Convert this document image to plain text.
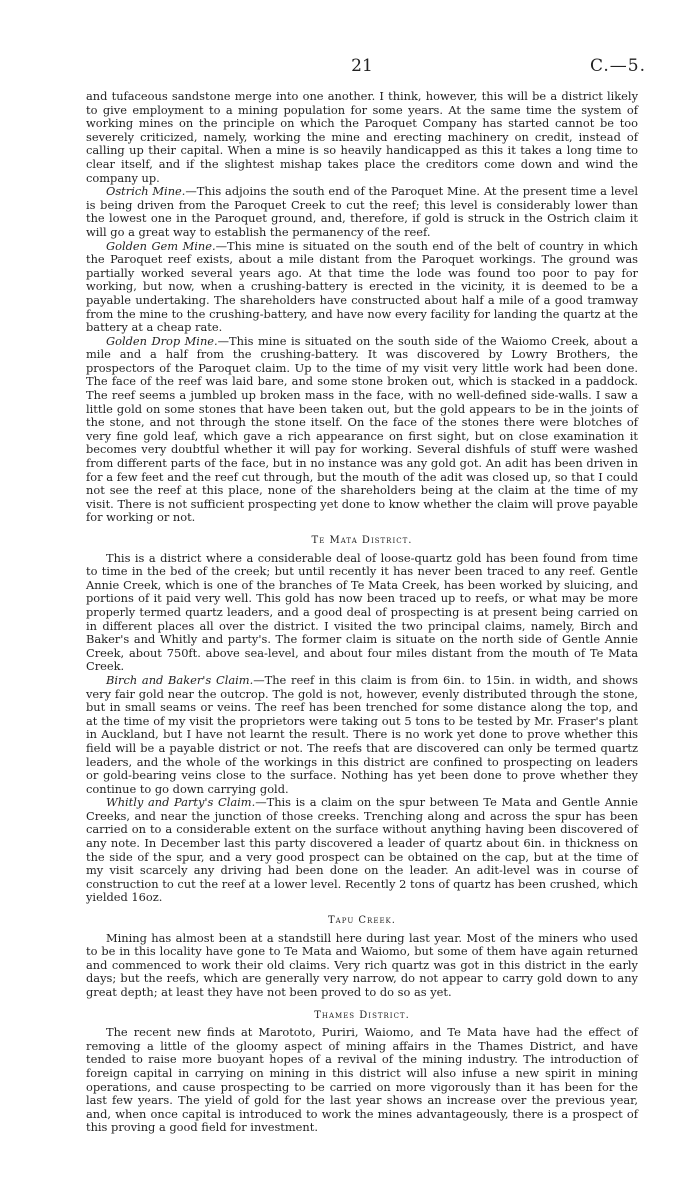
21	C.—5.

and tufaceous sandstone merge into one another. I think, however, this will be a district likely to give employment to a mining population for some years. At the same time the system of working mines on the principle on which the Paroquet Company has started cannot be too severely criticized, namely, working the mine and erecting machinery on credit, instead of calling up their capital. When a mine is so heavily handicapped as this it takes a long time to clear itself, and if the slightest mishap takes place the creditors come down and wind the company up.

Ostrich Mine.—This adjoins the south end of the Paroquet Mine. At the present time a level is being driven from the Paroquet Creek to cut the reef; this level is considerably lower than the lowest one in the Paroquet ground, and, therefore, if gold is struck in the Ostrich claim it will go a great way to establish the permanency of the reef.

Golden Gem Mine.—This mine is situated on the south end of the belt of country in which the Paroquet reef exists, about a mile distant from the Paroquet workings. The ground was partially worked several years ago. At that time the lode was found too poor to pay for working, but now, when a crushing-battery is erected in the vicinity, it is deemed to be a payable undertaking. The shareholders have constructed about half a mile of a good tramway from the mine to the crushing-battery, and have now every facility for landing the quartz at the battery at a cheap rate.

Golden Drop Mine.—This mine is situated on the south side of the Waiomo Creek, about a mile and a half from the crushing-battery. It was discovered by Lowry Brothers, the prospectors of the Paroquet claim. Up to the time of my visit very little work had been done. The face of the reef was laid bare, and some stone broken out, which is stacked in a paddock. The reef seems a jumbled up broken mass in the face, with no well-defined side-walls. I saw a little gold on some stones that have been taken out, but the gold appears to be in the joints of the stone, and not through the stone itself. On the face of the stones there were blotches of very fine gold leaf, which gave a rich appearance on first sight, but on close examination it becomes very doubtful whether it will pay for working. Several dishfuls of stuff were washed from different parts of the face, but in no instance was any gold got. An adit has been driven in for a few feet and the reef cut through, but the mouth of the adit was closed up, so that I could not see the reef at this place, none of the shareholders being at the claim at the time of my visit. There is not sufficient prospecting yet done to know whether the claim will prove payable for working or not.

Te Mata District.

This is a district where a considerable deal of loose-quartz gold has been found from time to time in the bed of the creek; but until recently it has never been traced to any reef. Gentle Annie Creek, which is one of the branches of Te Mata Creek, has been worked by sluicing, and portions of it paid very well. This gold has now been traced up to reefs, or what may be more properly termed quartz leaders, and a good deal of prospecting is at present being carried on in different places all over the district. I visited the two principal claims, namely, Birch and Baker's and Whitly and party's. The former claim is situate on the north side of Gentle Annie Creek, about 750ft. above sea-level, and about four miles distant from the mouth of Te Mata Creek.

Birch and Baker's Claim.—The reef in this claim is from 6in. to 15in. in width, and shows very fair gold near the outcrop. The gold is not, however, evenly distributed through the stone, but in small seams or veins. The reef has been trenched for some distance along the top, and at the time of my visit the proprietors were taking out 5 tons to be tested by Mr. Fraser's plant in Auckland, but I have not learnt the result. There is no work yet done to prove whether this field will be a payable district or not. The reefs that are discovered can only be termed quartz leaders, and the whole of the workings in this district are confined to prospecting on leaders or gold-bearing veins close to the surface. Nothing has yet been done to prove whether they continue to go down carrying gold.

Whitly and Party's Claim.—This is a claim on the spur between Te Mata and Gentle Annie Creeks, and near the junction of those creeks. Trenching along and across the spur has been carried on to a considerable extent on the surface without anything having been discovered of any note. In December last this party discovered a leader of quartz about 6in. in thickness on the side of the spur, and a very good prospect can be obtained on the cap, but at the time of my visit scarcely any driving had been done on the leader. An adit-level was in course of construction to cut the reef at a lower level. Recently 2 tons of quartz has been crushed, which yielded 16oz.

Tapu Creek.

Mining has almost been at a standstill here during last year. Most of the miners who used to be in this locality have gone to Te Mata and Waiomo, but some of them have again returned and commenced to work their old claims. Very rich quartz was got in this district in the early days; but the reefs, which are generally very narrow, do not appear to carry gold down to any great depth; at least they have not been proved to do so as yet.

Thames District.

The recent new finds at Marototo, Puriri, Waiomo, and Te Mata have had the effect of removing a little of the gloomy aspect of mining affairs in the Thames District, and have tended to raise more buoyant hopes of a revival of the mining industry. The introduction of foreign capital in carrying on mining in this district will also infuse a new spirit in mining operations, and cause prospecting to be carried on more vigorously than it has been for the last few years. The yield of gold for the last year shows an increase over the previous year, and, when once capital is introduced to work the mines advantageously, there is a prospect of this proving a good field for investment.
